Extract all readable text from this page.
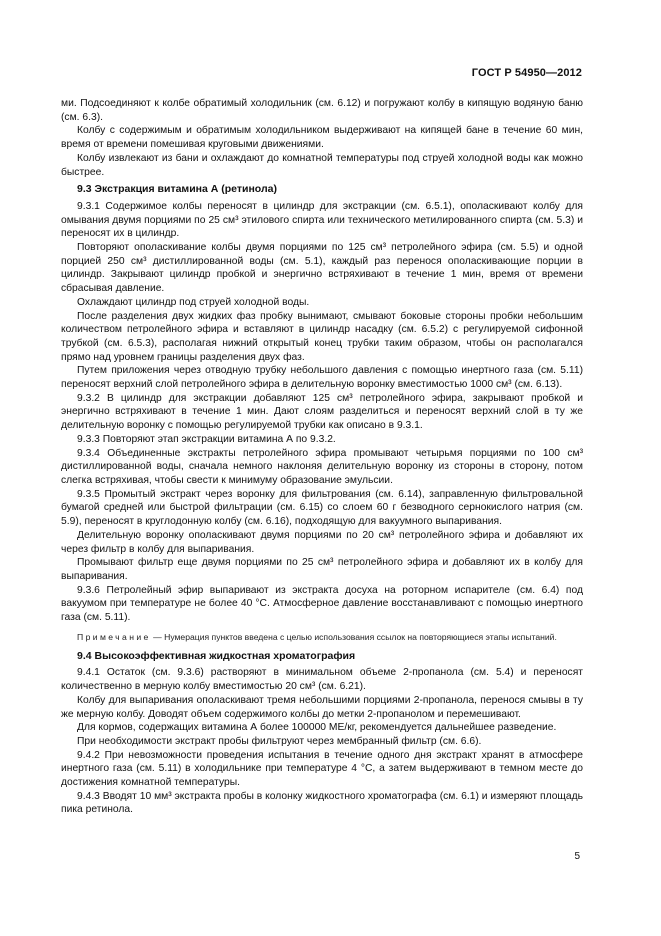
ГОСТ Р 54950—2012

ми. Подсоединяют к колбе обратимый холодильник (см. 6.12) и погружают колбу в кипящую водяную баню (см. 6.3).

Колбу с содержимым и обратимым холодильником выдерживают на кипящей бане в течение 60 мин, время от времени помешивая круговыми движениями.

Колбу извлекают из бани и охлаждают до комнатной температуры под струей холодной воды как можно быстрее.

9.3 Экстракция витамина А (ретинола)

9.3.1 Содержимое колбы переносят в цилиндр для экстракции (см. 6.5.1), ополаскивают колбу для омывания двумя порциями по 25 см³ этилового спирта или технического метилированного спирта (см. 5.3) и переносят их в цилиндр.

Повторяют ополаскивание колбы двумя порциями по 125 см³ петролейного эфира (см. 5.5) и одной порцией 250 см³ дистиллированной воды (см. 5.1), каждый раз перенося ополаскивающие порции в цилиндр. Закрывают цилиндр пробкой и энергично встряхивают в течение 1 мин, время от времени сбрасывая давление.

Охлаждают цилиндр под струей холодной воды.

После разделения двух жидких фаз пробку вынимают, смывают боковые стороны пробки небольшим количеством петролейного эфира и вставляют в цилиндр насадку (см. 6.5.2) с регулируемой сифонной трубкой (см. 6.5.3), располагая нижний открытый конец трубки таким образом, чтобы он располагался прямо над уровнем границы разделения двух фаз.

Путем приложения через отводную трубку небольшого давления с помощью инертного газа (см. 5.11) переносят верхний слой петролейного эфира в делительную воронку вместимостью 1000 см³ (см. 6.13).

9.3.2 В цилиндр для экстракции добавляют 125 см³ петролейного эфира, закрывают пробкой и энергично встряхивают в течение 1 мин. Дают слоям разделиться и переносят верхний слой в ту же делительную воронку с помощью регулируемой трубки как описано в 9.3.1.

9.3.3 Повторяют этап экстракции витамина А по 9.3.2.

9.3.4 Объединенные экстракты петролейного эфира промывают четырьмя порциями по 100 см³ дистиллированной воды, сначала немного наклоняя делительную воронку из стороны в сторону, потом слегка встряхивая, чтобы свести к минимуму образование эмульсии.

9.3.5 Промытый экстракт через воронку для фильтрования (см. 6.14), заправленную фильтровальной бумагой средней или быстрой фильтрации (см. 6.15) со слоем 60 г безводного сернокислого натрия (см. 5.9), переносят в круглодонную колбу (см. 6.16), подходящую для вакуумного выпаривания.

Делительную воронку ополаскивают двумя порциями по 20 см³ петролейного эфира и добавляют их через фильтр в колбу для выпаривания.

Промывают фильтр еще двумя порциями по 25 см³ петролейного эфира и добавляют их в колбу для выпаривания.

9.3.6 Петролейный эфир выпаривают из экстракта досуха на роторном испарителе (см. 6.4) под вакуумом при температуре не более 40 °С. Атмосферное давление восстанавливают с помощью инертного газа (см. 5.11).

Примечание — Нумерация пунктов введена с целью использования ссылок на повторяющиеся этапы испытаний.
9.4 Высокоэффективная жидкостная хроматография

9.4.1 Остаток (см. 9.3.6) растворяют в минимальном объеме 2-пропанола (см. 5.4) и переносят количественно в мерную колбу вместимостью 20 см³ (см. 6.21).

Колбу для выпаривания ополаскивают тремя небольшими порциями 2-пропанола, перенося смывы в ту же мерную колбу. Доводят объем содержимого колбы до метки 2-пропанолом и перемешивают.

Для кормов, содержащих витамина А более 100000 МЕ/кг, рекомендуется дальнейшее разведение.

При необходимости экстракт пробы фильтруют через мембранный фильтр (см. 6.6).

9.4.2 При невозможности проведения испытания в течение одного дня экстракт хранят в атмосфере инертного газа (см. 5.11) в холодильнике при температуре 4 °С, а затем выдерживают в темном месте до достижения комнатной температуры.

9.4.3 Вводят 10 мм³ экстракта пробы в колонку жидкостного хроматографа (см. 6.1) и измеряют площадь пика ретинола.

5
